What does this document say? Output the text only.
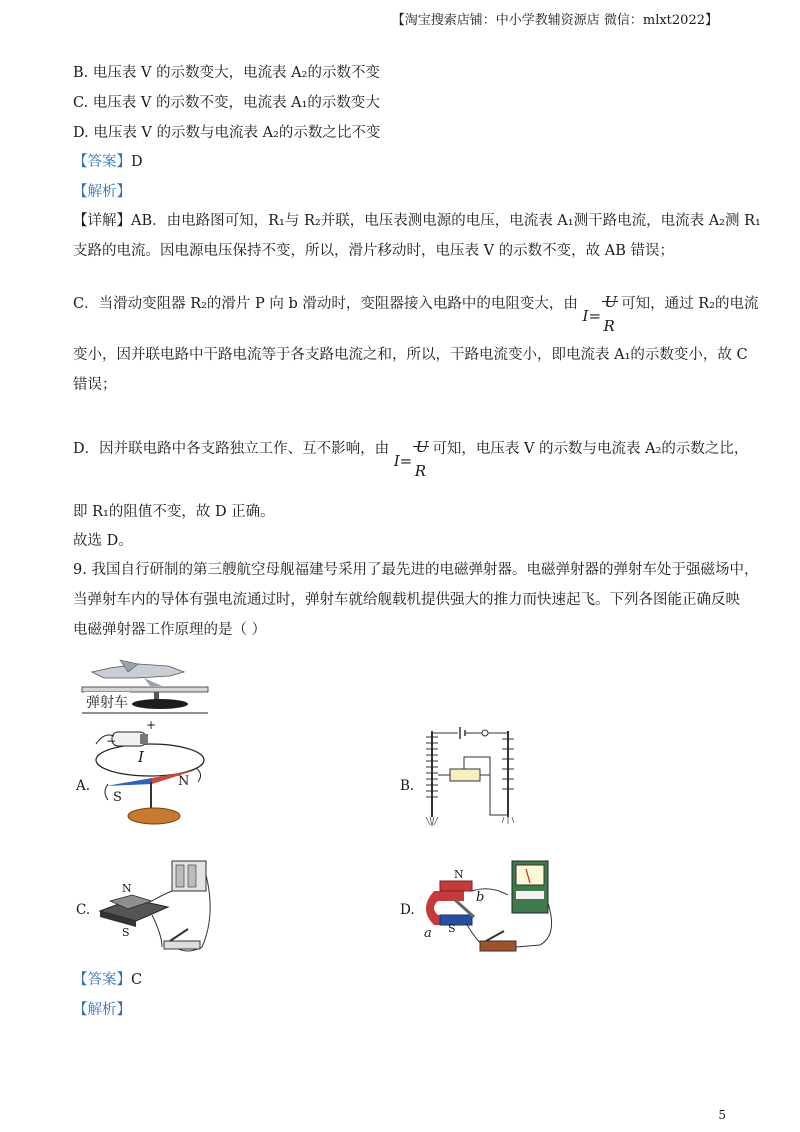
【淘宝搜索店铺：中小学教辅资源店 微信：mlxt2022】
B. 电压表 V 的示数变大，电流表 A₂的示数不变
C. 电压表 V 的示数不变，电流表 A₁的示数变大
D. 电压表 V 的示数与电流表 A₂的示数之比不变
【答案】D
【解析】
【详解】AB．由电路图可知，R₁与 R₂并联，电压表测电源的电压，电流表 A₁测干路电流，电流表 A₂测 R₁
支路的电流。因电源电压保持不变，所以，滑片移动时，电压表 V 的示数不变，故 AB 错误；
C．当滑动变阻器 R₂的滑片 P 向 b 滑动时，变阻器接入电路中的电阻变大，由
I=
U
R
可知，通过 R₂的电流
变小，因并联电路中干路电流等于各支路电流之和，所以，干路电流变小，即电流表 A₁的示数变小，故 C
错误；
D．因并联电路中各支路独立工作、互不影响，由
I=
U
R
可知，电压表 V 的示数与电流表 A₂的示数之比，
即 R₁的阻值不变，故 D 正确。
故选 D。
9. 我国自行研制的第三艘航空母舰福建号采用了最先进的电磁弹射器。电磁弹射器的弹射车处于强磁场中，
当弹射车内的导体有强电流通过时，弹射车就给舰载机提供强大的推力而快速起飞。下列各图能正确反映
电磁弹射器工作原理的是（ ）
弹射车
A.
+
−
I
N
S
B.
C.
N
S
D.
N
S
a
b
【答案】C
【解析】
5
